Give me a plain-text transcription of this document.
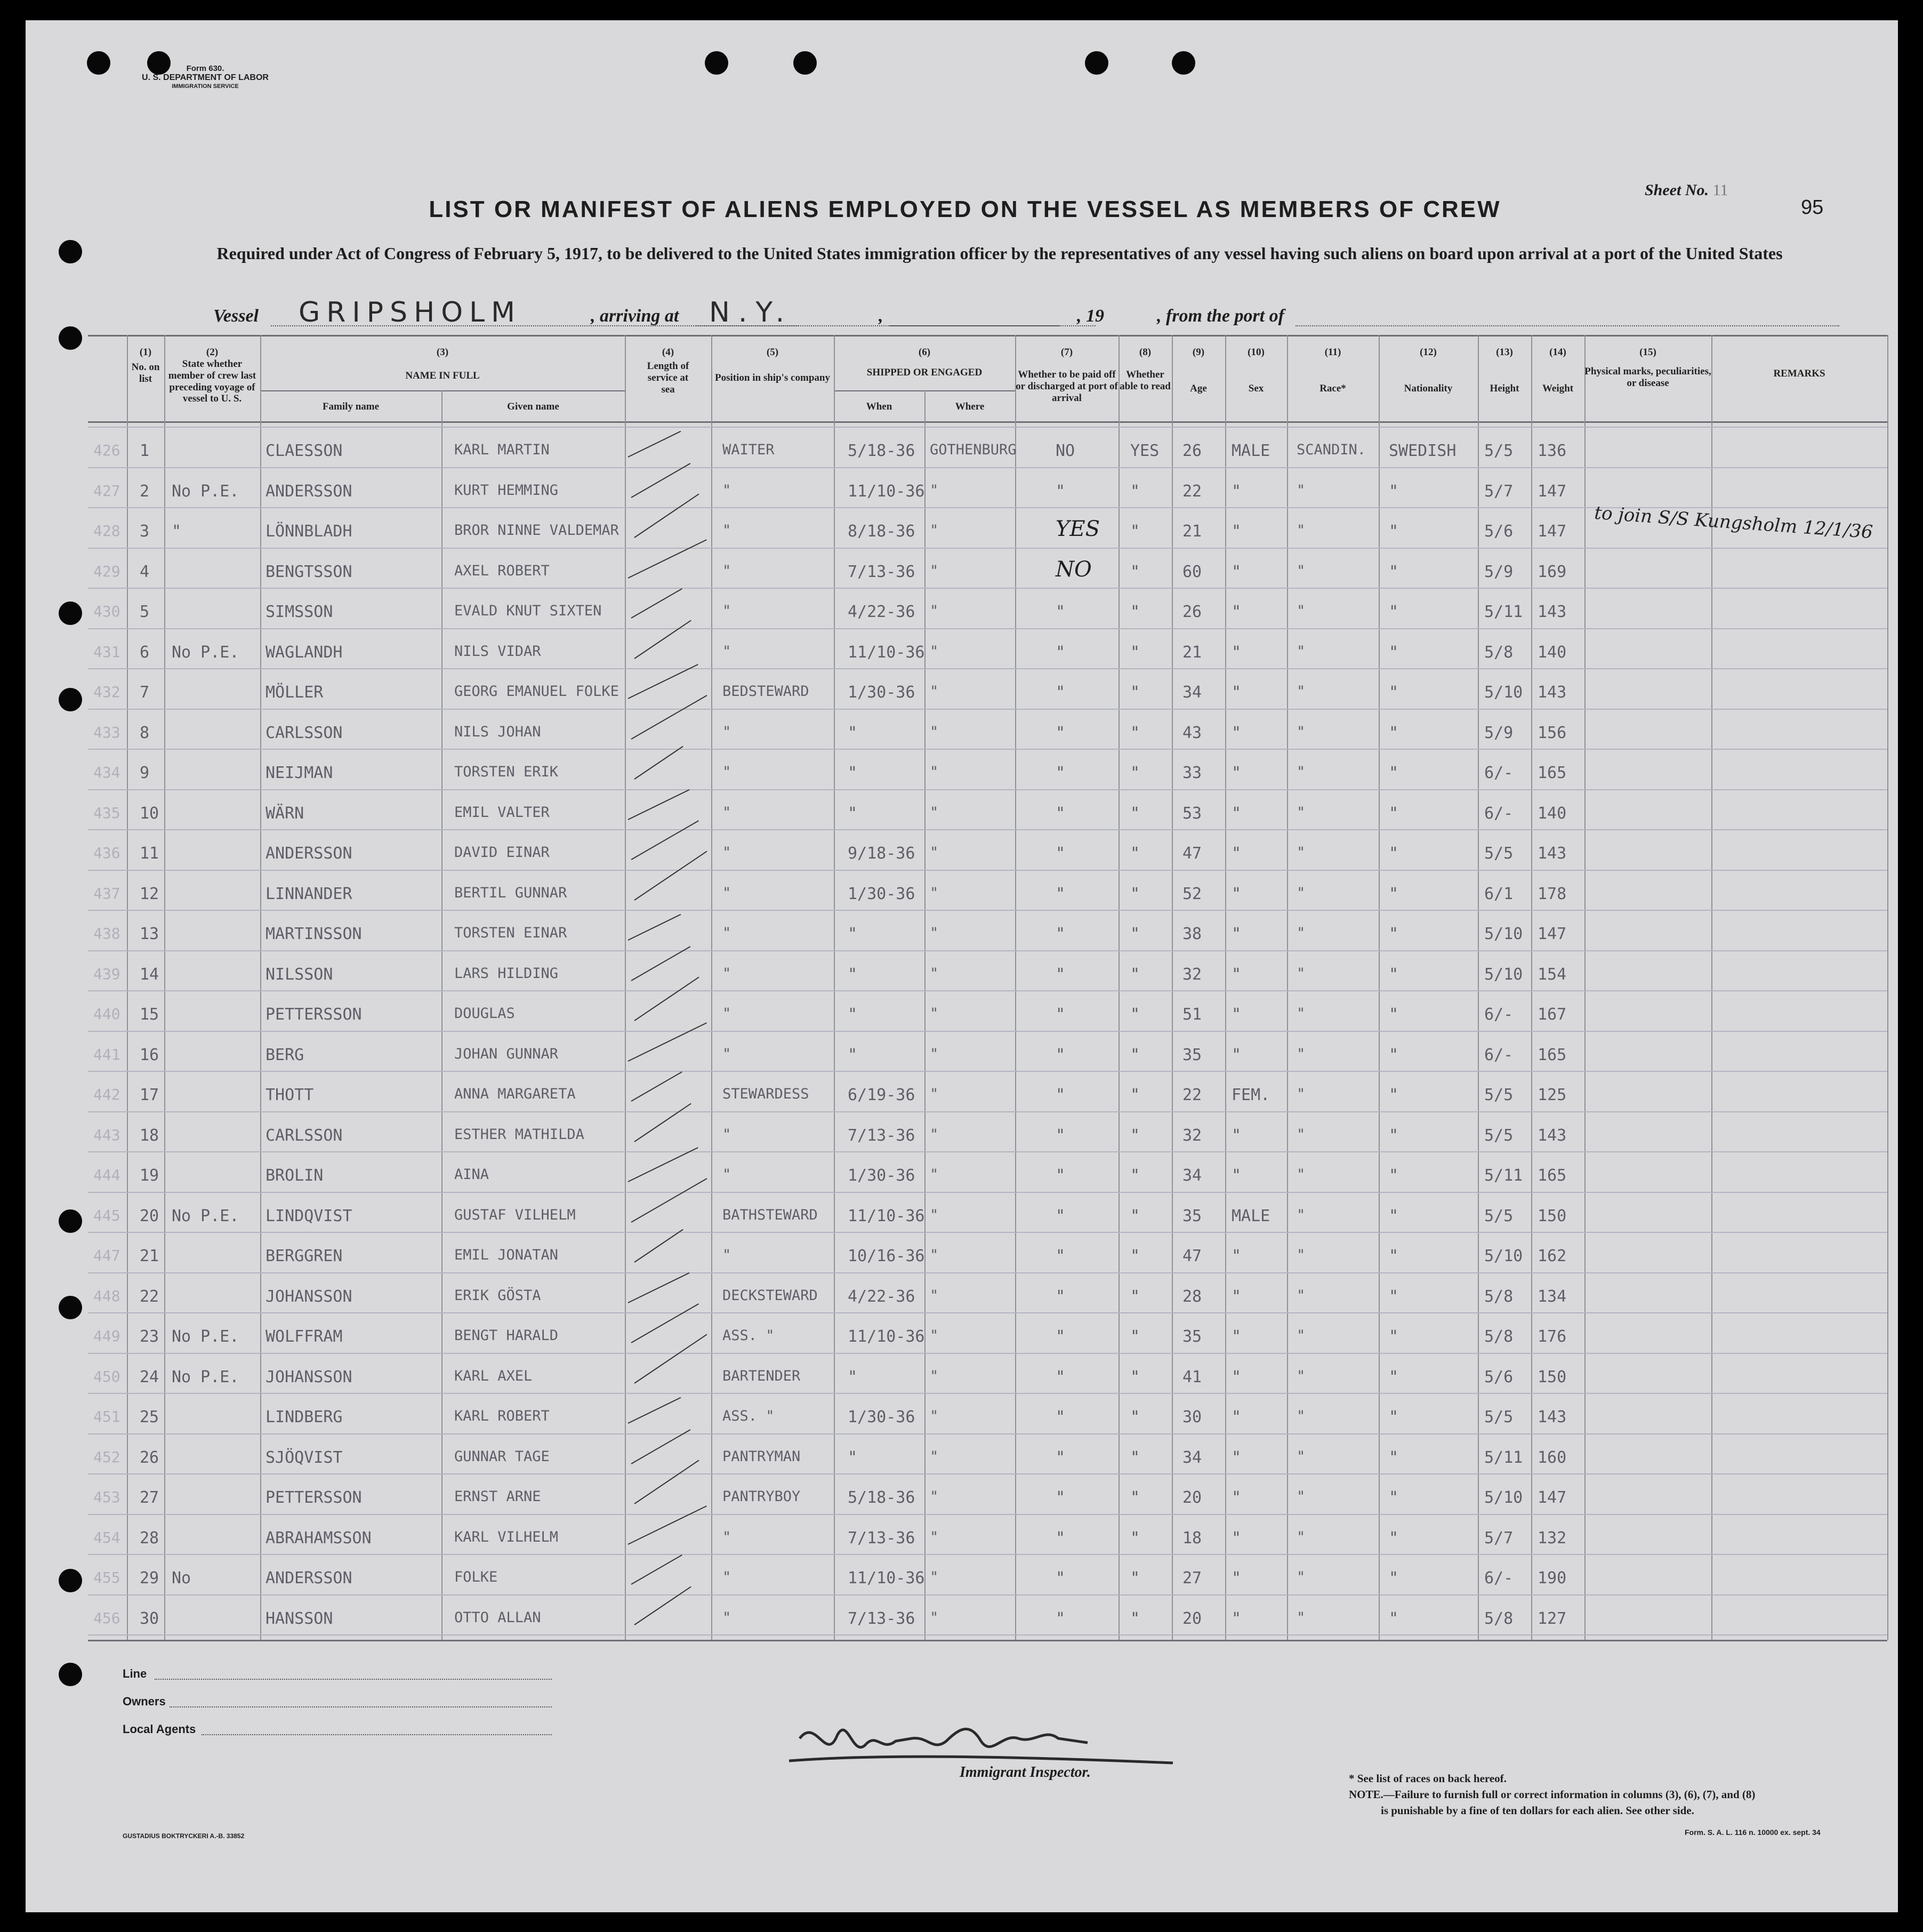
Form 630.
U. S. DEPARTMENT OF LABOR
IMMIGRATION SERVICE
Sheet No. 11
95
LIST OR MANIFEST OF ALIENS EMPLOYED ON THE VESSEL AS MEMBERS OF CREW
Required under Act of Congress of February 5, 1917, to be delivered to the United States immigration officer by the representatives of any vessel having such aliens on board upon arrival at a port of the United States
Vessel GRIPSHOLM	, arriving at N.Y.	,	, 19	, from the port of
(1)
No. on list
(2)
State whether member of crew last preceding voyage of vessel to U. S.
(3)
NAME IN FULL
Family name	Given name
(4)
Length of service at sea
(5)
Position in ship's company
(6)
SHIPPED OR ENGAGED
When	Where
(7)
Whether to be paid off or discharged at port of arrival
(8)
Whether able to read
(9)
Age
(10)
Sex
(11)
Race*
(12)
Nationality
(13)
Height
(14)
Weight
(15)
Physical marks, peculiarities, or disease
REMARKS
426 1	CLAESSON	KARL MARTIN	WAITER	5/18-36 GOTHENBURG NO	YES 26 MALE SCANDIN. SWEDISH 5/5 136
427 2 No P.E. ANDERSSON	KURT HEMMING	"	11/10-36 "	"	"	22 "	"	"	5/7 147
428 3 "	LÖNNBLADH	BROR NINNE VALDEMAR	"	8/18-36 "	YES "	21 "	"	"	5/6 147
429 4	BENGTSSON	AXEL ROBERT	"	7/13-36 "	NO "	60 "	"	"	5/9 169
430 5	SIMSSON	EVALD KNUT SIXTEN	"	4/22-36 "	"	"	26 "	"	"	5/11 143
431 6 No P.E. WAGLANDH	NILS VIDAR	"	11/10-36 "	"	"	21 "	"	"	5/8 140
432 7	MÖLLER	GEORG EMANUEL FOLKE	BEDSTEWARD 1/30-36 "	"	"	34 "	"	"	5/10 143
433 8	CARLSSON	NILS JOHAN	"	"	"	"	"	43 "	"	"	5/9 156
434 9	NEIJMAN	TORSTEN ERIK	"	"	"	"	"	33 "	"	"	6/- 165
435 10	WÄRN	EMIL VALTER	"	"	"	"	"	53 "	"	"	6/- 140
436 11	ANDERSSON	DAVID EINAR	"	9/18-36 "	"	"	47 "	"	"	5/5 143
437 12	LINNANDER	BERTIL GUNNAR	"	1/30-36 "	"	"	52 "	"	"	6/1 178
438 13	MARTINSSON	TORSTEN EINAR	"	"	"	"	"	38 "	"	"	5/10 147
439 14	NILSSON	LARS HILDING	"	"	"	"	"	32 "	"	"	5/10 154
440 15	PETTERSSON	DOUGLAS	"	"	"	"	"	51 "	"	"	6/- 167
441 16	BERG	JOHAN GUNNAR	"	"	"	"	"	35 "	"	"	6/- 165
442 17	THOTT	ANNA MARGARETA	STEWARDESS 6/19-36 "	"	"	22 FEM. "	"	5/5 125
443 18	CARLSSON	ESTHER MATHILDA	"	7/13-36 "	"	"	32 "	"	"	5/5 143
444 19	BROLIN	AINA	"	1/30-36 "	"	"	34 "	"	"	5/11 165
445 20 No P.E. LINDQVIST	GUSTAF VILHELM	BATHSTEWARD 11/10-36 "	"	"	35 MALE "	"	5/5 150
447 21	BERGGREN	EMIL JONATAN	"	10/16-36 "	"	"	47 "	"	"	5/10 162
448 22	JOHANSSON	ERIK GÖSTA	DECKSTEWARD 4/22-36 "	"	"	28 "	"	"	5/8 134
449 23 No P.E. WOLFFRAM	BENGT HARALD	ASS. "	11/10-36 "	"	"	35 "	"	"	5/8 176
450 24 No P.E. JOHANSSON	KARL AXEL	BARTENDER	"	"	"	"	41 "	"	"	5/6 150
451 25	LINDBERG	KARL ROBERT	ASS. "	1/30-36 "	"	"	30 "	"	"	5/5 143
452 26	SJÖQVIST	GUNNAR TAGE	PANTRYMAN	"	"	"	"	34 "	"	"	5/11 160
453 27	PETTERSSON	ERNST ARNE	PANTRYBOY	5/18-36 "	"	"	20 "	"	"	5/10 147
454 28	ABRAHAMSSON	KARL VILHELM	"	7/13-36 "	"	"	18 "	"	"	5/7 132
455 29 No	ANDERSSON	FOLKE	"	11/10-36 "	"	"	27 "	"	"	6/- 190
456 30	HANSSON	OTTO ALLAN	"	7/13-36 "	"	"	20 "	"	"	5/8 127
to join S/S Kungsholm 12/1/36
Line
Owners
Local Agents
Immigrant Inspector.	* See list of races on back hereof.
NOTE.—Failure to furnish full or correct information in columns (3), (6), (7), and (8)
is punishable by a fine of ten dollars for each alien. See other side.
Form. S. A. L. 116 n. 10000 ex. sept. 34
GUSTADIUS BOKTRYCKERI A.-B. 33852
